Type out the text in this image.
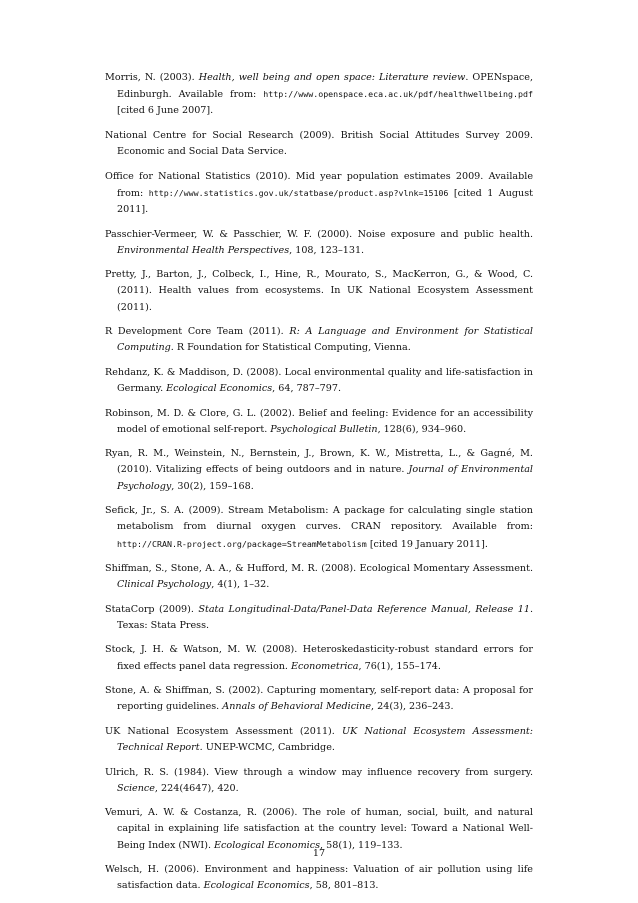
Morris, N. (2003). Health, well being and open space: Literature review. OPENspace, Edinburgh. Available from: http://www.openspace.eca.ac.uk/pdf/healthwellbeing.pdf [cited 6 June 2007].

National Centre for Social Research (2009). British Social Attitudes Survey 2009. Economic and Social Data Service.

Office for National Statistics (2010). Mid year population estimates 2009. Available from: http://www.statistics.gov.uk/statbase/product.asp?vlnk=15106 [cited 1 August 2011].

Passchier-Vermeer, W. & Passchier, W. F. (2000). Noise exposure and public health. Environmental Health Perspectives, 108, 123–131.

Pretty, J., Barton, J., Colbeck, I., Hine, R., Mourato, S., MacKerron, G., & Wood, C. (2011). Health values from ecosystems. In UK National Ecosystem Assessment (2011).

R Development Core Team (2011). R: A Language and Environment for Statistical Computing. R Foundation for Statistical Computing, Vienna.

Rehdanz, K. & Maddison, D. (2008). Local environmental quality and life-satisfaction in Germany. Ecological Economics, 64, 787–797.

Robinson, M. D. & Clore, G. L. (2002). Belief and feeling: Evidence for an accessibility model of emotional self-report. Psychological Bulletin, 128(6), 934–960.

Ryan, R. M., Weinstein, N., Bernstein, J., Brown, K. W., Mistretta, L., & Gagné, M. (2010). Vitalizing effects of being outdoors and in nature. Journal of Environmental Psychology, 30(2), 159–168.

Sefick, Jr., S. A. (2009). Stream Metabolism: A package for calculating single station metabolism from diurnal oxygen curves. CRAN repository. Available from: http://CRAN.R-project.org/package=StreamMetabolism [cited 19 January 2011].

Shiffman, S., Stone, A. A., & Hufford, M. R. (2008). Ecological Momentary Assessment. Clinical Psychology, 4(1), 1–32.

StataCorp (2009). Stata Longitudinal-Data/Panel-Data Reference Manual, Release 11. Texas: Stata Press.

Stock, J. H. & Watson, M. W. (2008). Heteroskedasticity-robust standard errors for fixed effects panel data regression. Econometrica, 76(1), 155–174.

Stone, A. & Shiffman, S. (2002). Capturing momentary, self-report data: A proposal for reporting guidelines. Annals of Behavioral Medicine, 24(3), 236–243.

UK National Ecosystem Assessment (2011). UK National Ecosystem Assessment: Technical Report. UNEP-WCMC, Cambridge.

Ulrich, R. S. (1984). View through a window may influence recovery from surgery. Science, 224(4647), 420.

Vemuri, A. W. & Costanza, R. (2006). The role of human, social, built, and natural capital in explaining life satisfaction at the country level: Toward a National Well-Being Index (NWI). Ecological Economics, 58(1), 119–133.

Welsch, H. (2006). Environment and happiness: Valuation of air pollution using life satisfaction data. Ecological Economics, 58, 801–813.

17
